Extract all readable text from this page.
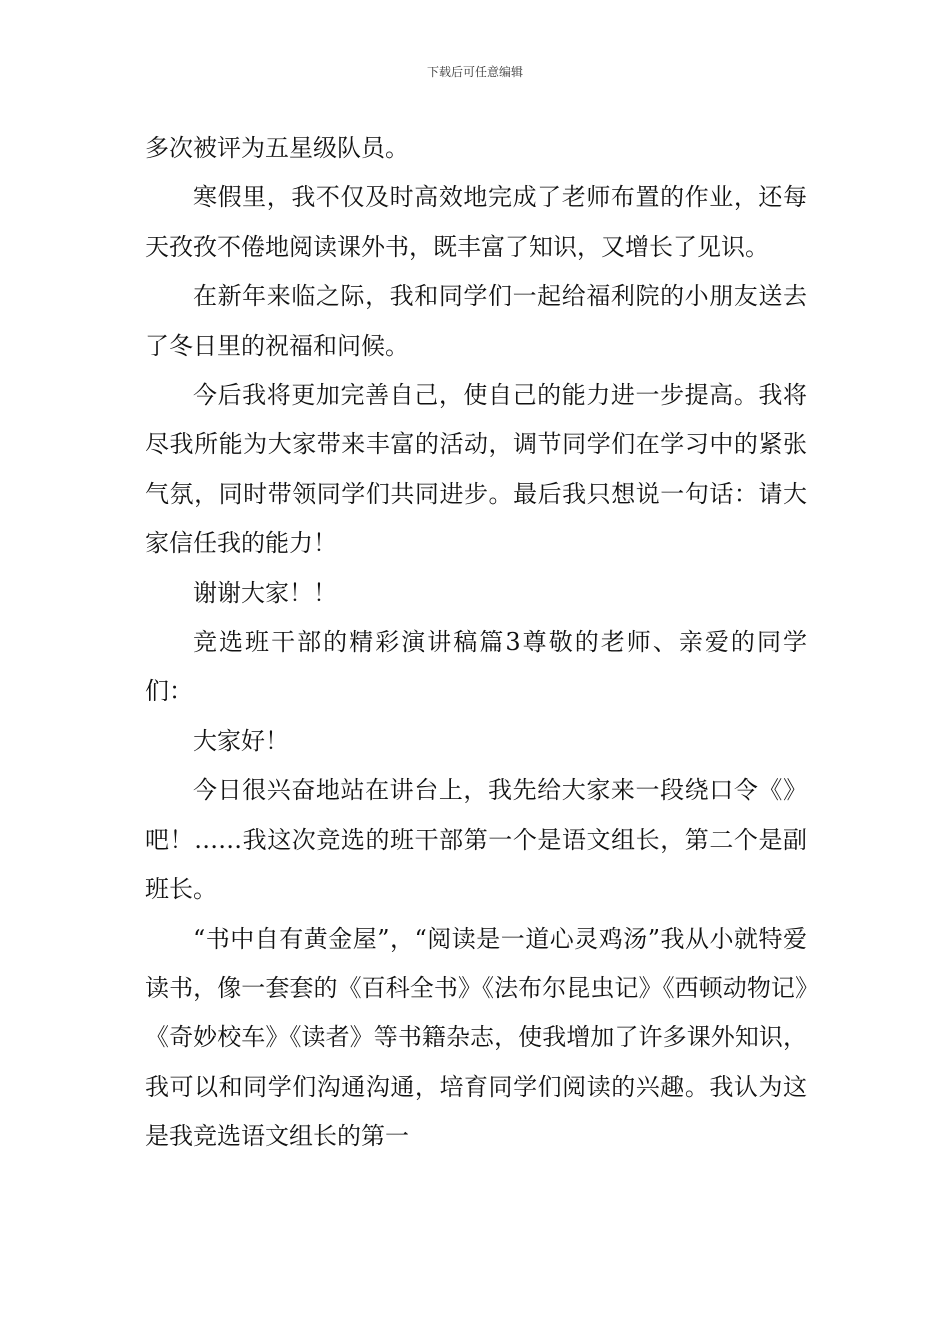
下载后可任意编辑

多次被评为五星级队员。

寒假里，我不仅及时高效地完成了老师布置的作业，还每天孜孜不倦地阅读课外书，既丰富了知识，又增长了见识。

在新年来临之际，我和同学们一起给福利院的小朋友送去了冬日里的祝福和问候。

今后我将更加完善自己，使自己的能力进一步提高。我将尽我所能为大家带来丰富的活动，调节同学们在学习中的紧张气氛，同时带领同学们共同进步。最后我只想说一句话：请大家信任我的能力！

谢谢大家！！

竞选班干部的精彩演讲稿篇3尊敬的老师、亲爱的同学们：

大家好！

今日很兴奋地站在讲台上，我先给大家来一段绕口令《》吧！……我这次竞选的班干部第一个是语文组长，第二个是副班长。

“书中自有黄金屋”，“阅读是一道心灵鸡汤”我从小就特爱读书，像一套套的《百科全书》《法布尔昆虫记》《西顿动物记》《奇妙校车》《读者》等书籍杂志，使我增加了许多课外知识，我可以和同学们沟通沟通，培育同学们阅读的兴趣。我认为这是我竞选语文组长的第一
